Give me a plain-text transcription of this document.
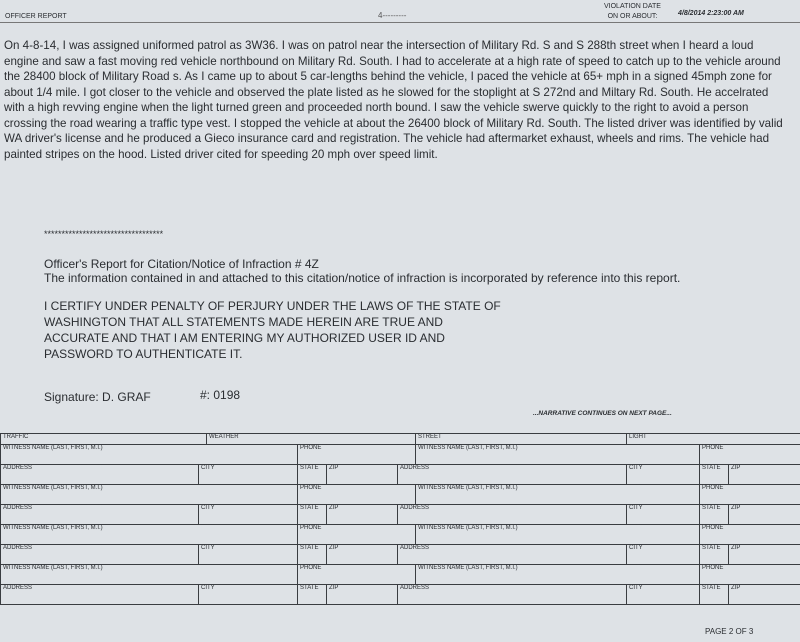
OFFICER REPORT	4---------
VIOLATION DATE
ON OR ABOUT:	4/8/2014 2:23:00 AM
On 4-8-14, I was assigned uniformed patrol as 3W36. I was on patrol near the intersection of Military Rd. S and S 288th street when I heard a loud engine and saw a fast moving red vehicle northbound on Military Rd. South. I had to accelerate at a high rate of speed to catch up to the vehicle around the 28400 block of Military Road s. As I came up to about 5 car-lengths behind the vehicle, I paced the vehicle at 65+ mph in a signed 45mph zone for about 1/4 mile. I got closer to the vehicle and observed the plate listed as he slowed for the stoplight at S 272nd and Miltary Rd. South. He accelrated with a high revving engine when the light turned green and proceeded north bound. I saw the vehicle swerve quickly to the right to avoid a person crossing the road wearing a traffic type vest. I stopped the vehicle at about the 26400 block of Military Rd. South. The listed driver was identified by valid WA driver's license and he produced a Gieco insurance card and registration. The vehicle had aftermarket exhaust, wheels and rims. The vehicle had painted stripes on the hood. Listed driver cited for speeding 20 mph over speed limit.
**********************************
Officer's Report for Citation/Notice of Infraction # 4Z
The information contained in and attached to this citation/notice of infraction is incorporated by reference into this report.
I CERTIFY UNDER PENALTY OF PERJURY UNDER THE LAWS OF THE STATE OF
WASHINGTON THAT ALL STATEMENTS MADE HEREIN ARE TRUE AND
ACCURATE AND THAT I AM ENTERING MY AUTHORIZED USER ID AND
PASSWORD TO AUTHENTICATE IT.
Signature: D. GRAF	#: 0198
...NARRATIVE CONTINUES ON NEXT PAGE...
TRAFFIC		WEATHER				STREET	LIGHT		
WITNESS NAME (LAST, FIRST, M.I.)			PHONE			WITNESS NAME (LAST, FIRST, M.I.)		PHONE	
ADDRESS	CITY		STATE	ZIP	ADDRESS		CITY	STATE	ZIP
WITNESS NAME (LAST, FIRST, M.I.)			PHONE			WITNESS NAME (LAST, FIRST, M.I.)		PHONE	
ADDRESS	CITY		STATE	ZIP	ADDRESS		CITY	STATE	ZIP
WITNESS NAME (LAST, FIRST, M.I.)			PHONE			WITNESS NAME (LAST, FIRST, M.I.)		PHONE	
ADDRESS	CITY		STATE	ZIP	ADDRESS		CITY	STATE	ZIP
WITNESS NAME (LAST, FIRST, M.I.)			PHONE			WITNESS NAME (LAST, FIRST, M.I.)		PHONE	
ADDRESS	CITY		STATE	ZIP	ADDRESS		CITY	STATE	ZIP
PAGE 2 OF 3
